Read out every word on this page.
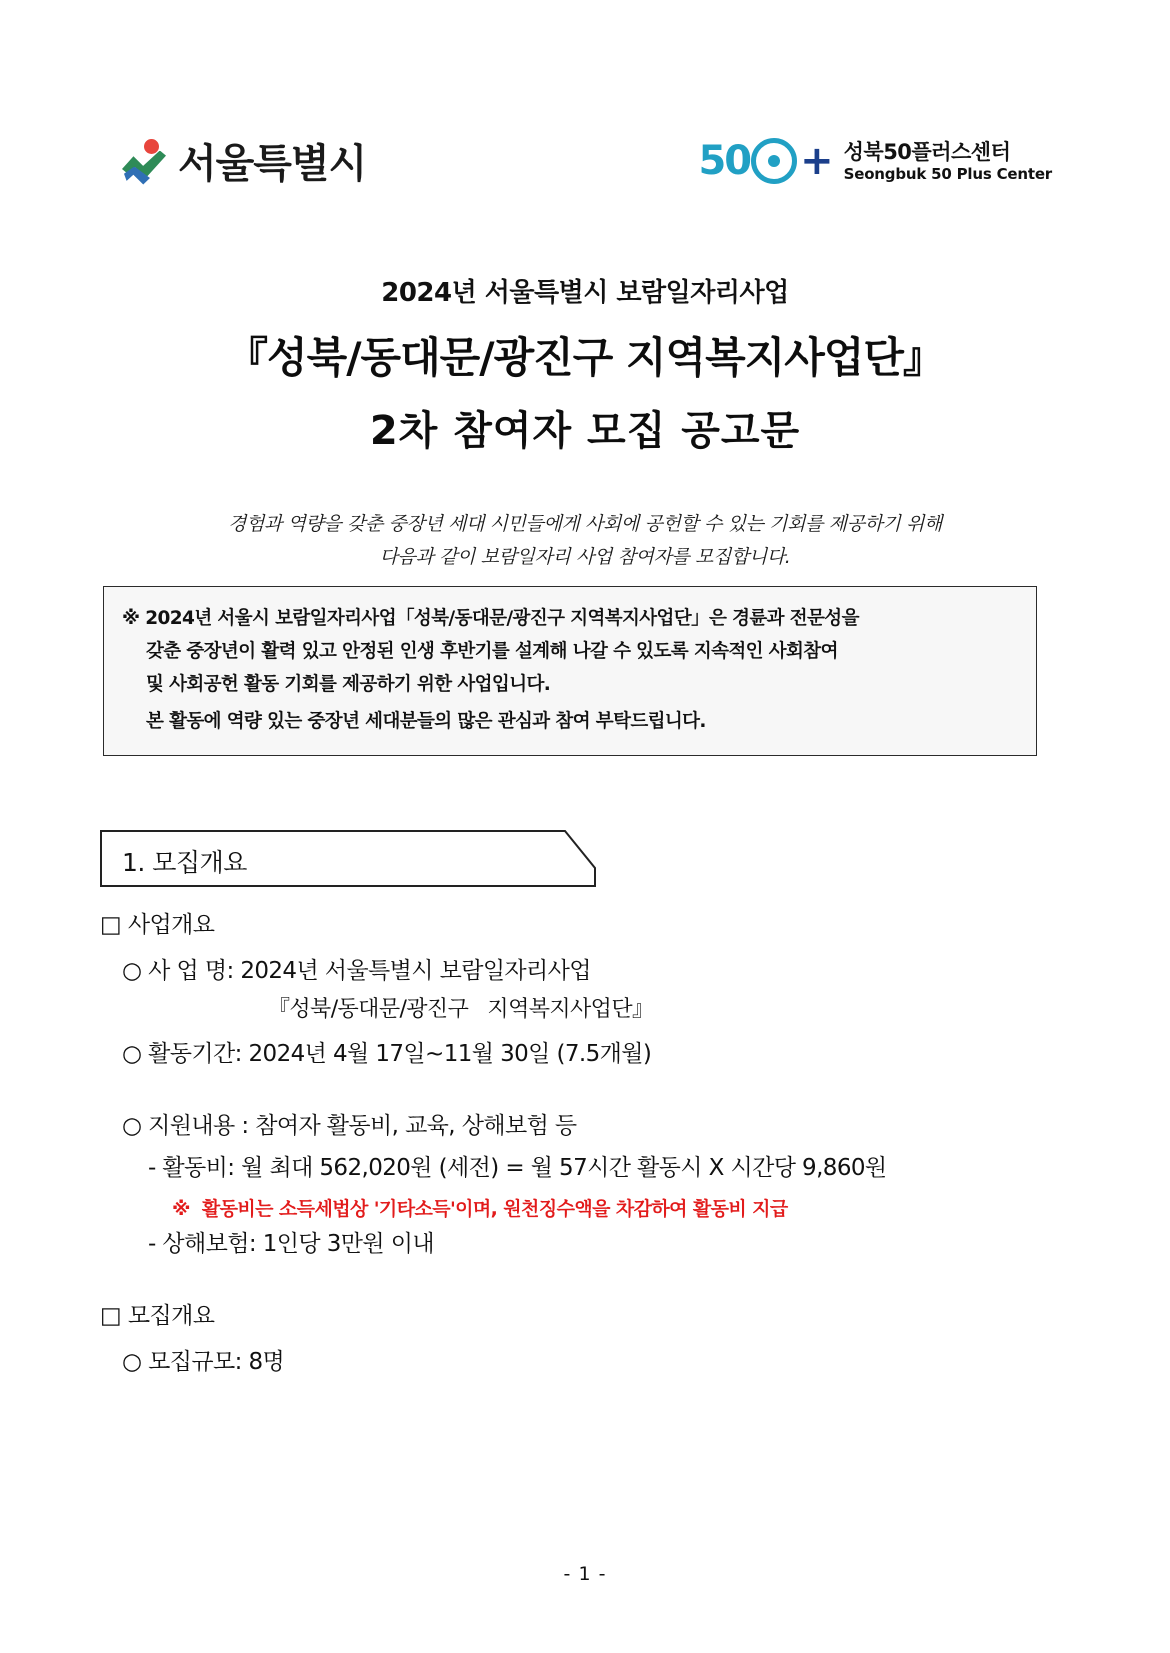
서울특별시	50 + 성북50플러스센터
Seongbuk 50 Plus Center
2024년 서울특별시 보람일자리사업
『성북/동대문/광진구 지역복지사업단』
2차 참여자 모집 공고문
경험과 역량을 갖춘 중장년 세대 시민들에게 사회에 공헌할 수 있는 기회를 제공하기 위해
다음과 같이 보람일자리 사업 참여자를 모집합니다.
※ 2024년 서울시 보람일자리사업「성북/동대문/광진구 지역복지사업단」은 경륜과 전문성을
갖춘 중장년이 활력 있고 안정된 인생 후반기를 설계해 나갈 수 있도록 지속적인 사회참여
및 사회공헌 활동 기회를 제공하기 위한 사업입니다.
본 활동에 역량 있는 중장년 세대분들의 많은 관심과 참여 부탁드립니다.
1. 모집개요
□ 사업개요
○ 사 업 명: 2024년 서울특별시 보람일자리사업
『성북/동대문/광진구   지역복지사업단』
○ 활동기간: 2024년 4월 17일~11월 30일 (7.5개월)
○ 지원내용 : 참여자 활동비, 교육, 상해보험 등
- 활동비: 월 최대 562,020원 (세전) = 월 57시간 활동시 X 시간당 9,860원
※  활동비는 소득세법상 '기타소득'이며, 원천징수액을 차감하여 활동비 지급
- 상해보험: 1인당 3만원 이내
□ 모집개요
○ 모집규모: 8명
- 1 -
